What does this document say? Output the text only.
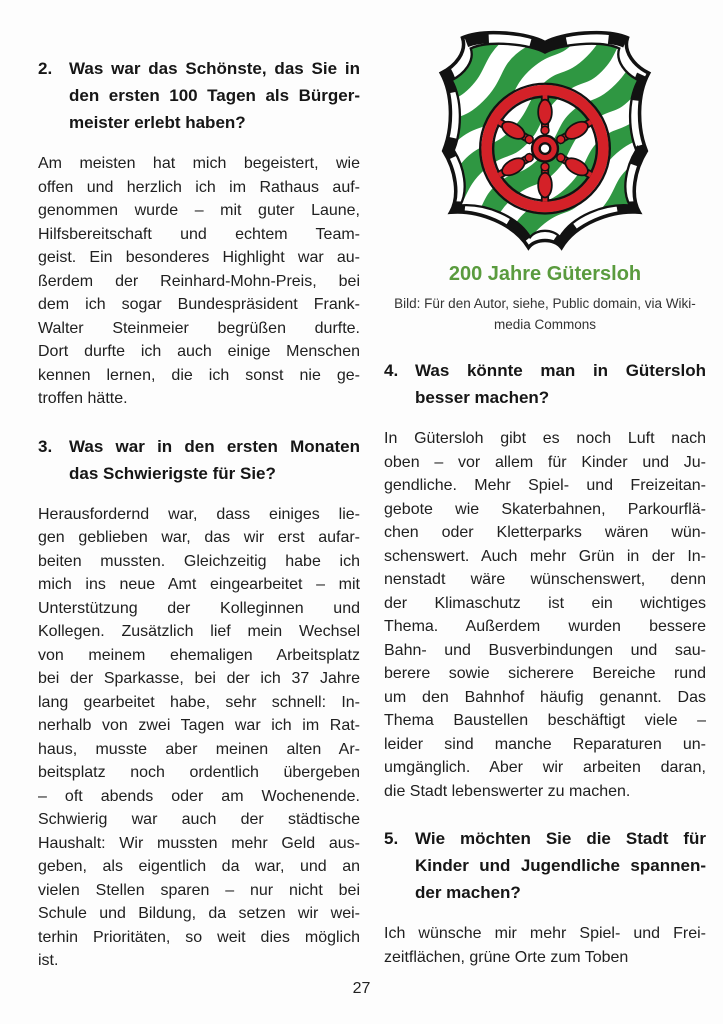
2. Was war das Schönste, das Sie in
den ersten 100 Tagen als Bürger-
meister erlebt haben?
Am meisten hat mich begeistert, wie
offen und herzlich ich im Rathaus auf-
genommen wurde – mit guter Laune,
Hilfsbereitschaft und echtem Team-
geist. Ein besonderes Highlight war au-
ßerdem der Reinhard-Mohn-Preis, bei
dem ich sogar Bundespräsident Frank-
Walter Steinmeier begrüßen durfte.
Dort durfte ich auch einige Menschen
kennen lernen, die ich sonst nie ge-
troffen hätte.
3. Was war in den ersten Monaten
das Schwierigste für Sie?
Herausfordernd war, dass einiges lie-
gen geblieben war, das wir erst aufar-
beiten mussten. Gleichzeitig habe ich
mich ins neue Amt eingearbeitet – mit
Unterstützung der Kolleginnen und
Kollegen. Zusätzlich lief mein Wechsel
von meinem ehemaligen Arbeitsplatz
bei der Sparkasse, bei der ich 37 Jahre
lang gearbeitet habe, sehr schnell: In-
nerhalb von zwei Tagen war ich im Rat-
haus, musste aber meinen alten Ar-
beitsplatz noch ordentlich übergeben
– oft abends oder am Wochenende.
Schwierig war auch der städtische
Haushalt: Wir mussten mehr Geld aus-
geben, als eigentlich da war, und an
vielen Stellen sparen – nur nicht bei
Schule und Bildung, da setzen wir wei-
terhin Prioritäten, so weit dies möglich
ist.
200 Jahre Gütersloh
Bild: Für den Autor, siehe, Public domain, via Wiki-
media Commons
4. Was könnte man in Gütersloh
besser machen?
In Gütersloh gibt es noch Luft nach
oben – vor allem für Kinder und Ju-
gendliche. Mehr Spiel- und Freizeitan-
gebote wie Skaterbahnen, Parkourflä-
chen oder Kletterparks wären wün-
schenswert. Auch mehr Grün in der In-
nenstadt wäre wünschenswert, denn
der Klimaschutz ist ein wichtiges
Thema. Außerdem wurden bessere
Bahn- und Busverbindungen und sau-
berere sowie sicherere Bereiche rund
um den Bahnhof häufig genannt. Das
Thema Baustellen beschäftigt viele –
leider sind manche Reparaturen un-
umgänglich. Aber wir arbeiten daran,
die Stadt lebenswerter zu machen.
5. Wie möchten Sie die Stadt für
Kinder und Jugendliche spannen-
der machen?
Ich wünsche mir mehr Spiel- und Frei-
zeitflächen, grüne Orte zum Toben
27
